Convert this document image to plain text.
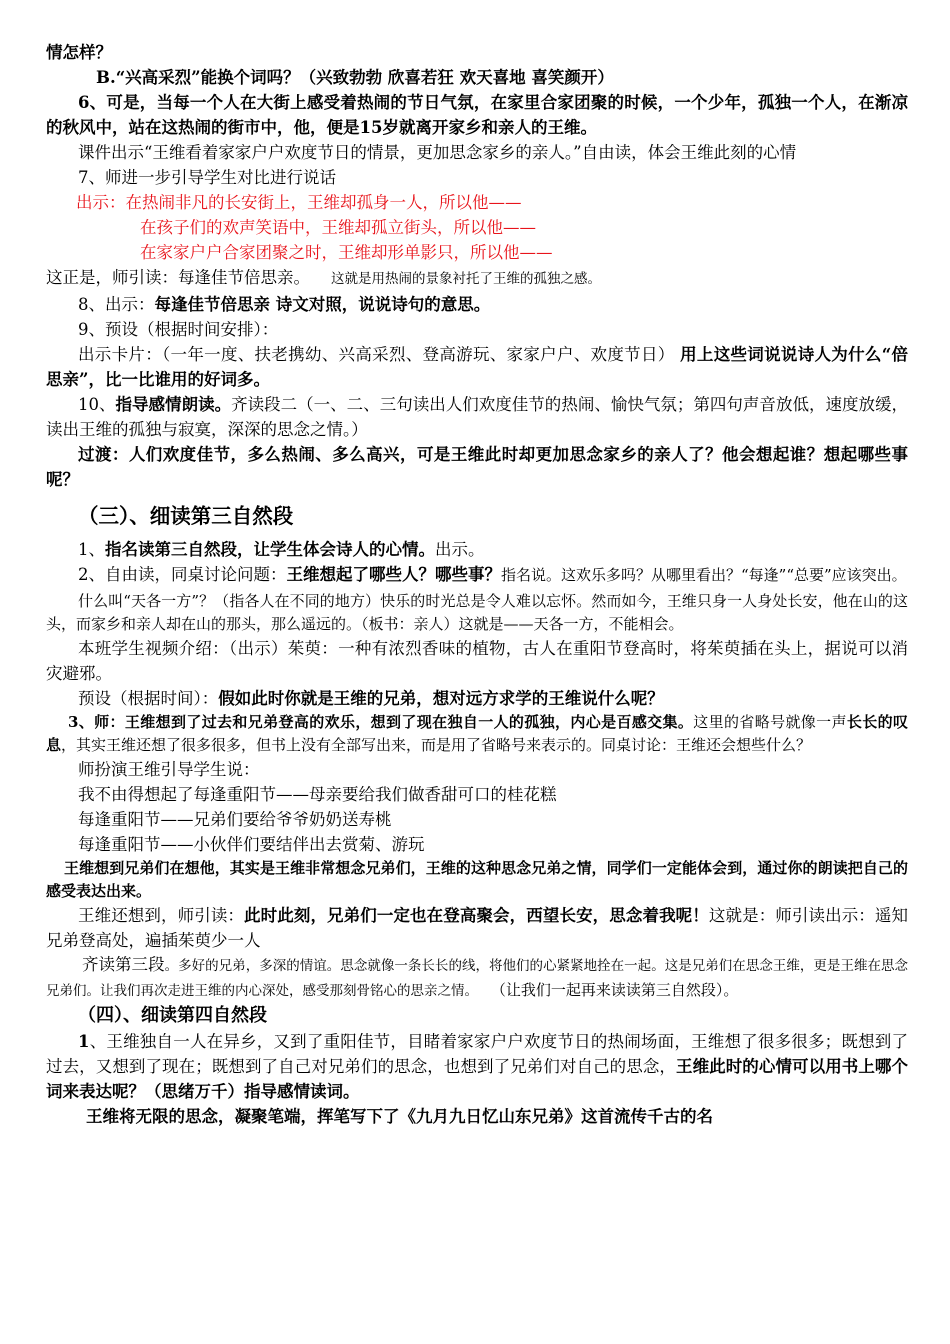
情怎样？

B.“兴高采烈”能换个词吗？（兴致勃勃 欣喜若狂 欢天喜地 喜笑颜开）

6、可是，当每一个人在大街上感受着热闹的节日气氛，在家里合家团聚的时候，一个少年，孤独一个人，在渐凉的秋风中，站在这热闹的街市中，他，便是15岁就离开家乡和亲人的王维。

课件出示“王维看着家家户户欢度节日的情景，更加思念家乡的亲人。”自由读，体会王维此刻的心情

7、师进一步引导学生对比进行说话

出示：在热闹非凡的长安街上，王维却孤身一人，所以他——

在孩子们的欢声笑语中，王维却孤立街头，所以他——

在家家户户合家团聚之时，王维却形单影只，所以他——

这正是，师引读：每逢佳节倍思亲。 这就是用热闹的景象衬托了王维的孤独之感。

8、出示：每逢佳节倍思亲 诗文对照，说说诗句的意思。

9、预设（根据时间安排）：

出示卡片：（一年一度、扶老携幼、兴高采烈、登高游玩、家家户户、欢度节日） 用上这些词说说诗人为什么“倍思亲”，比一比谁用的好词多。

10、指导感情朗读。齐读段二（一、二、三句读出人们欢度佳节的热闹、愉快气氛；第四句声音放低，速度放缓，读出王维的孤独与寂寞，深深的思念之情。）

过渡：人们欢度佳节，多么热闹、多么高兴，可是王维此时却更加思念家乡的亲人了？他会想起谁？想起哪些事呢？

（三）、细读第三自然段

1、指名读第三自然段，让学生体会诗人的心情。出示。

2、自由读，同桌讨论问题：王维想起了哪些人？哪些事？指名说。这欢乐多吗？从哪里看出？“每逢”“总要”应该突出。

什么叫“天各一方”？（指各人在不同的地方）快乐的时光总是令人难以忘怀。然而如今，王维只身一人身处长安，他在山的这头，而家乡和亲人却在山的那头，那么遥远的。（板书：亲人）这就是——天各一方，不能相会。

本班学生视频介绍：（出示）茱萸：一种有浓烈香味的植物，古人在重阳节登高时，将茱萸插在头上，据说可以消灾避邪。

预设（根据时间）：假如此时你就是王维的兄弟，想对远方求学的王维说什么呢？

3、师：王维想到了过去和兄弟登高的欢乐，想到了现在独自一人的孤独，内心是百感交集。这里的省略号就像一声长长的叹息，其实王维还想了很多很多，但书上没有全部写出来，而是用了省略号来表示的。同桌讨论：王维还会想些什么？

师扮演王维引导学生说：

我不由得想起了每逢重阳节——母亲要给我们做香甜可口的桂花糕

每逢重阳节——兄弟们要给爷爷奶奶送寿桃

每逢重阳节——小伙伴们要结伴出去赏菊、游玩

王维想到兄弟们在想他，其实是王维非常想念兄弟们，王维的这种思念兄弟之情，同学们一定能体会到，通过你的朗读把自己的感受表达出来。

王维还想到，师引读：此时此刻，兄弟们一定也在登高聚会，西望长安，思念着我呢！这就是：师引读出示：遥知兄弟登高处，遍插茱萸少一人

齐读第三段。多好的兄弟，多深的情谊。思念就像一条长长的线，将他们的心紧紧地拴在一起。这是兄弟们在思念王维，更是王维在思念兄弟们。让我们再次走进王维的内心深处，感受那刻骨铭心的思亲之情。 （让我们一起再来读读第三自然段）。

（四）、细读第四自然段

1、王维独自一人在异乡，又到了重阳佳节，目睹着家家户户欢度节日的热闹场面，王维想了很多很多；既想到了过去，又想到了现在；既想到了自己对兄弟们的思念，也想到了兄弟们对自己的思念，王维此时的心情可以用书上哪个词来表达呢？（思绪万千）指导感情读词。

王维将无限的思念，凝聚笔端，挥笔写下了《九月九日忆山东兄弟》这首流传千古的名
